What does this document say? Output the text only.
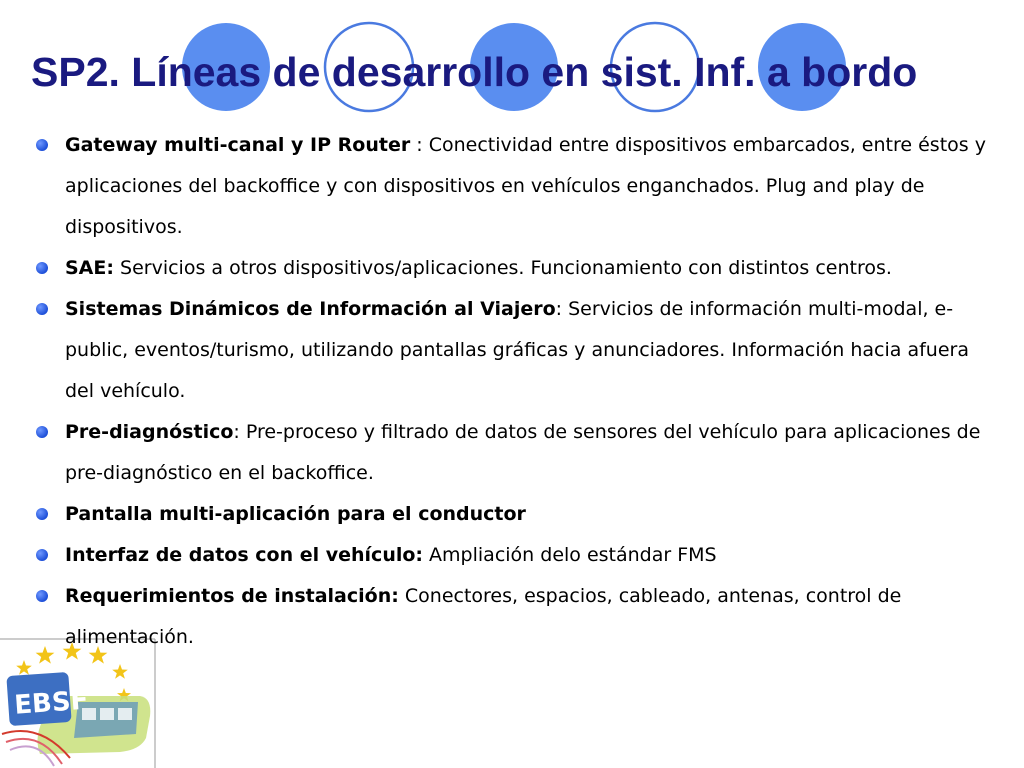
SP2. Líneas de desarrollo en sist. Inf. a bordo
Gateway multi-canal y IP Router : Conectividad entre dispositivos embarcados, entre éstos y aplicaciones del backoffice y con dispositivos en vehículos enganchados. Plug and play de dispositivos.
SAE: Servicios a otros dispositivos/aplicaciones. Funcionamiento con distintos centros.
Sistemas Dinámicos de Información al Viajero: Servicios de información multi-modal, e-public, eventos/turismo, utilizando pantallas gráficas y anunciadores. Información hacia afuera del vehículo.
Pre-diagnóstico: Pre-proceso y filtrado de datos de sensores del vehículo para aplicaciones de pre-diagnóstico en el backoffice.
Pantalla multi-aplicación para el conductor
Interfaz de datos con el vehículo: Ampliación delo estándar FMS
Requerimientos de instalación: Conectores, espacios, cableado, antenas, control de alimentación.
EBSF
